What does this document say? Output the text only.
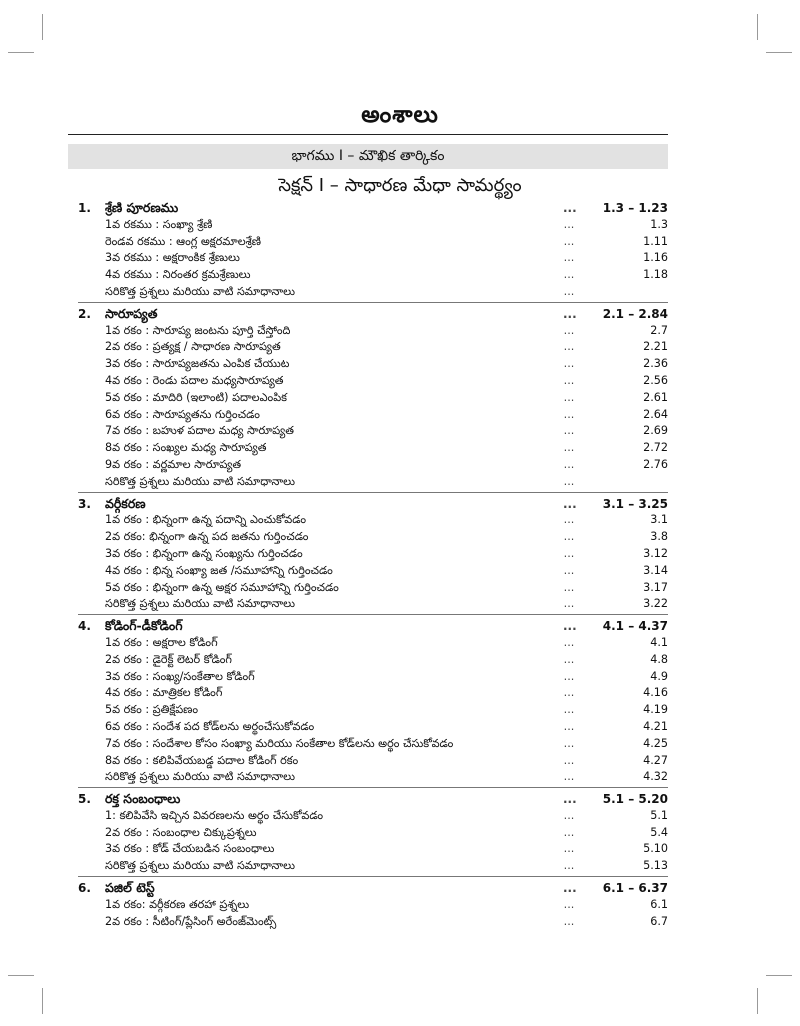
అంశాలు
భాగము I – మౌఖిక తార్కికం
సెక్షన్ I – సాధారణ మేధా సామర్థ్యం
1. శ్రేణి పూరణము	... 1.3 – 1.23
1వ రకము : సంఖ్యా శ్రేణి	...	1.3
రెండవ రకము : ఆంగ్ల అక్షరమాలశ్రేణి	...	1.11
3వ రకము : అక్షరాంకిక శ్రేణులు	...	1.16
4వ రకము : నిరంతర క్రమశ్రేణులు	...	1.18
సరికొత్త ప్రశ్నలు మరియు వాటి సమాధానాలు	...
2. సారూప్యత	... 2.1 – 2.84
1వ రకం : సారూప్య జంటను పూర్తి చేస్తోంది	...	2.7
2వ రకం : ప్రత్యక్ష / సాధారణ సారూప్యత	...	2.21
3వ రకం : సారూప్యజతను ఎంపిక చేయుట	...	2.36
4వ రకం : రెండు పదాల మధ్యసారూప్యత	...	2.56
5వ రకం : మాదిరి (ఇలాంటి) పదాలఎంపిక	...	2.61
6వ రకం : సారూప్యతను గుర్తించడం	...	2.64
7వ రకం : బహుళ పదాల మధ్య సారూప్యత	...	2.69
8వ రకం : సంఖ్యల మధ్య సారూప్యత	...	2.72
9వ రకం : వర్ణమాల సారూప్యత	...	2.76
సరికొత్త ప్రశ్నలు మరియు వాటి సమాధానాలు	...
3. వర్గీకరణ	... 3.1 – 3.25
1వ రకం : భిన్నంగా ఉన్న పదాన్ని ఎంచుకోవడం	...	3.1
2వ రకం: భిన్నంగా ఉన్న పద జతను గుర్తించడం	...	3.8
3వ రకం : భిన్నంగా ఉన్న సంఖ్యను గుర్తించడం	...	3.12
4వ రకం : భిన్న సంఖ్యా జత /సమూహాన్ని గుర్తించడం	...	3.14
5వ రకం : భిన్నంగా ఉన్న అక్షర సమూహాన్ని గుర్తించడం	...	3.17
సరికొత్త ప్రశ్నలు మరియు వాటి సమాధానాలు	...	3.22
4. కోడింగ్-డీకోడింగ్	... 4.1 – 4.37
1వ రకం : అక్షరాల కోడింగ్	...	4.1
2వ రకం : డైరెక్ట్ లెటర్ కోడింగ్	...	4.8
3వ రకం : సంఖ్య/సంకేతాల కోడింగ్	...	4.9
4వ రకం : మాత్రికల కోడింగ్	...	4.16
5వ రకం : ప్రతిక్షేపణం	...	4.19
6వ రకం : సందేశ పద కోడ్‌లను అర్థంచేసుకోవడం	...	4.21
7వ రకం : సందేశాల కోసం సంఖ్యా మరియు సంకేతాల కోడ్‌లను అర్థం చేసుకోవడం	...	4.25
8వ రకం : కలిపివేయబడ్డ పదాల కోడింగ్ రకం	...	4.27
సరికొత్త ప్రశ్నలు మరియు వాటి సమాధానాలు	...	4.32
5. రక్త సంబంధాలు	... 5.1 – 5.20
1: కలిపివేసి ఇచ్చిన వివరణలను అర్థం చేసుకోవడం	...	5.1
2వ రకం : సంబంధాల చిక్కుప్రశ్నలు	...	5.4
3వ రకం : కోడ్ చేయబడిన సంబంధాలు	...	5.10
సరికొత్త ప్రశ్నలు మరియు వాటి సమాధానాలు	...	5.13
6. పజిల్ టెస్ట్	... 6.1 – 6.37
1వ రకం: వర్గీకరణ తరహా ప్రశ్నలు	...	6.1
2వ రకం : సీటింగ్/ప్లేసింగ్ అరేంజ్‌మెంట్స్	...	6.7
